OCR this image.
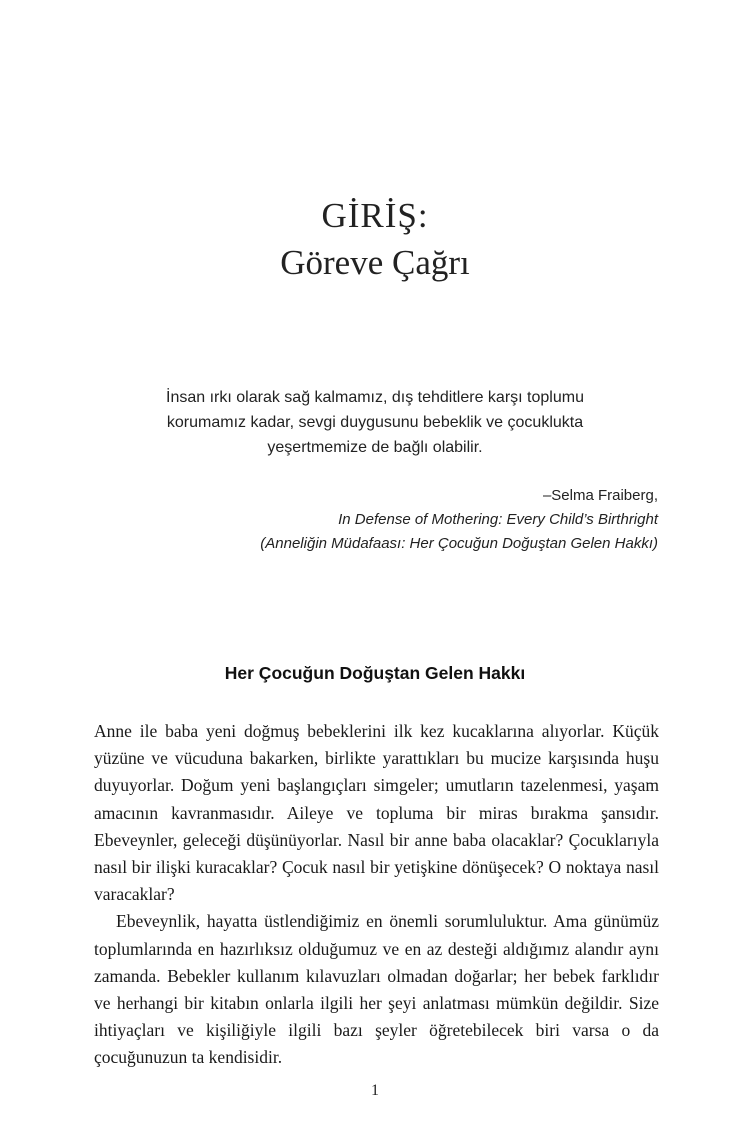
GİRİŞ:
Göreve Çağrı

İnsan ırkı olarak sağ kalmamız, dış tehditlere karşı toplumu korumamız kadar, sevgi duygusunu bebeklik ve çocuklukta yeşertmemize de bağlı olabilir.

–Selma Fraiberg,
In Defense of Mothering: Every Child’s Birthright
(Anneliğin Müdafaası: Her Çocuğun Doğuştan Gelen Hakkı)
Her Çocuğun Doğuştan Gelen Hakkı

Anne ile baba yeni doğmuş bebeklerini ilk kez kucaklarına alıyorlar. Küçük yüzüne ve vücuduna bakarken, birlikte yarattıkları bu mucize karşısında huşu duyuyorlar. Doğum yeni başlangıçları simgeler; umutların tazelenmesi, yaşam amacının kavranmasıdır. Aileye ve topluma bir miras bırakma şansıdır. Ebeveynler, geleceği düşünüyorlar. Nasıl bir anne baba olacaklar? Çocuklarıyla nasıl bir ilişki kuracaklar? Çocuk nasıl bir yetişkine dönüşecek? O noktaya nasıl varacaklar?

Ebeveynlik, hayatta üstlendiğimiz en önemli sorumluluktur. Ama günümüz toplumlarında en hazırlıksız olduğumuz ve en az desteği aldığımız alandır aynı zamanda. Bebekler kullanım kılavuzları olmadan doğarlar; her bebek farklıdır ve herhangi bir kitabın onlarla ilgili her şeyi anlatması mümkün değildir. Size ihtiyaçları ve kişiliğiyle ilgili bazı şeyler öğretebilecek biri varsa o da çocuğunuzun ta kendisidir.

1
